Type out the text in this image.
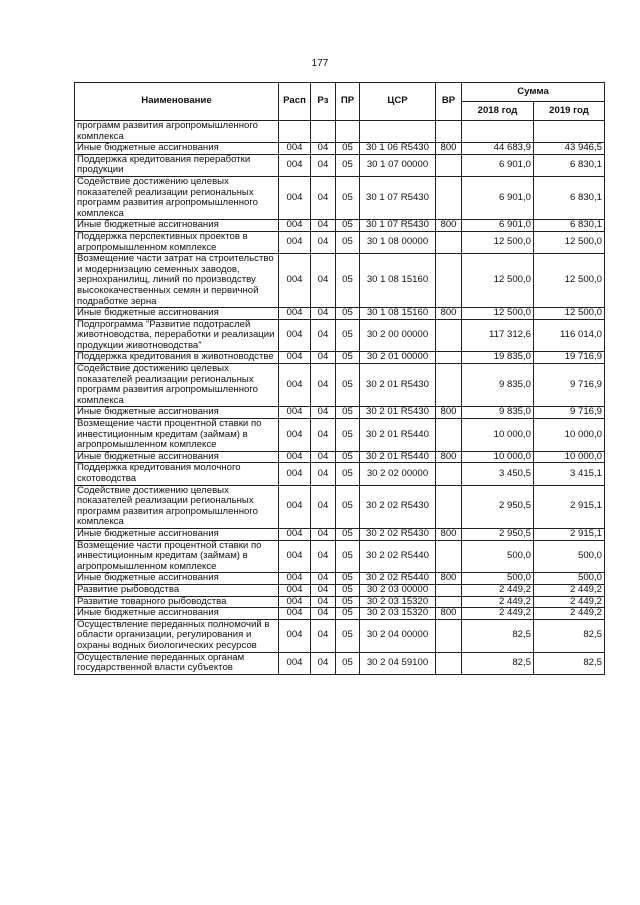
177
Наименование	Расп	Рз	ПР	ЦСР	ВР	Сумма	
						2018 год	2019 год
программ развития агропромышленного комплекса							
Иные бюджетные ассигнования	004	04	05	30 1 06 R5430	800	44 683,9	43 946,5
Поддержка кредитования переработки продукции	004	04	05	30 1 07 00000		6 901,0	6 830,1
Содействие достижению целевых показателей реализации региональных программ развития агропромышленного комплекса	004	04	05	30 1 07 R5430		6 901,0	6 830,1
Иные бюджетные ассигнования	004	04	05	30 1 07 R5430	800	6 901,0	6 830,1
Поддержка перспективных проектов в агропромышленном комплексе	004	04	05	30 1 08 00000		12 500,0	12 500,0
Возмещение части затрат на строительство и модернизацию семенных заводов, зернохранилищ, линий по производству высококачественных семян и первичной подработке зерна	004	04	05	30 1 08 15160		12 500,0	12 500,0
Иные бюджетные ассигнования	004	04	05	30 1 08 15160	800	12 500,0	12 500,0
Подпрограмма "Развитие подотраслей животноводства, переработки и реализации продукции животноводства"	004	04	05	30 2 00 00000		117 312,6	116 014,0
Поддержка кредитования в животноводстве	004	04	05	30 2 01 00000		19 835,0	19 716,9
Содействие достижению целевых показателей реализации региональных программ развития агропромышленного комплекса	004	04	05	30 2 01 R5430		9 835,0	9 716,9
Иные бюджетные ассигнования	004	04	05	30 2 01 R5430	800	9 835,0	9 716,9
Возмещение части процентной ставки по инвестиционным кредитам (займам) в агропромышленном комплексе	004	04	05	30 2 01 R5440		10 000,0	10 000,0
Иные бюджетные ассигнования	004	04	05	30 2 01 R5440	800	10 000,0	10 000,0
Поддержка кредитования молочного скотоводства	004	04	05	30 2 02 00000		3 450,5	3 415,1
Содействие достижению целевых показателей реализации региональных программ развития агропромышленного комплекса	004	04	05	30 2 02 R5430		2 950,5	2 915,1
Иные бюджетные ассигнования	004	04	05	30 2 02 R5430	800	2 950,5	2 915,1
Возмещение части процентной ставки по инвестиционным кредитам (займам) в агропромышленном комплексе	004	04	05	30 2 02 R5440		500,0	500,0
Иные бюджетные ассигнования	004	04	05	30 2 02 R5440	800	500,0	500,0
Развитие рыбоводства	004	04	05	30 2 03 00000		2 449,2	2 449,2
Развитие товарного рыбоводства	004	04	05	30 2 03 15320		2 449,2	2 449,2
Иные бюджетные ассигнования	004	04	05	30 2 03 15320	800	2 449,2	2 449,2
Осуществление переданных полномочий в области организации, регулирования и охраны водных биологических ресурсов	004	04	05	30 2 04 00000		82,5	82,5
Осуществление переданных органам государственной власти субъектов	004	04	05	30 2 04 59100		82,5	82,5
